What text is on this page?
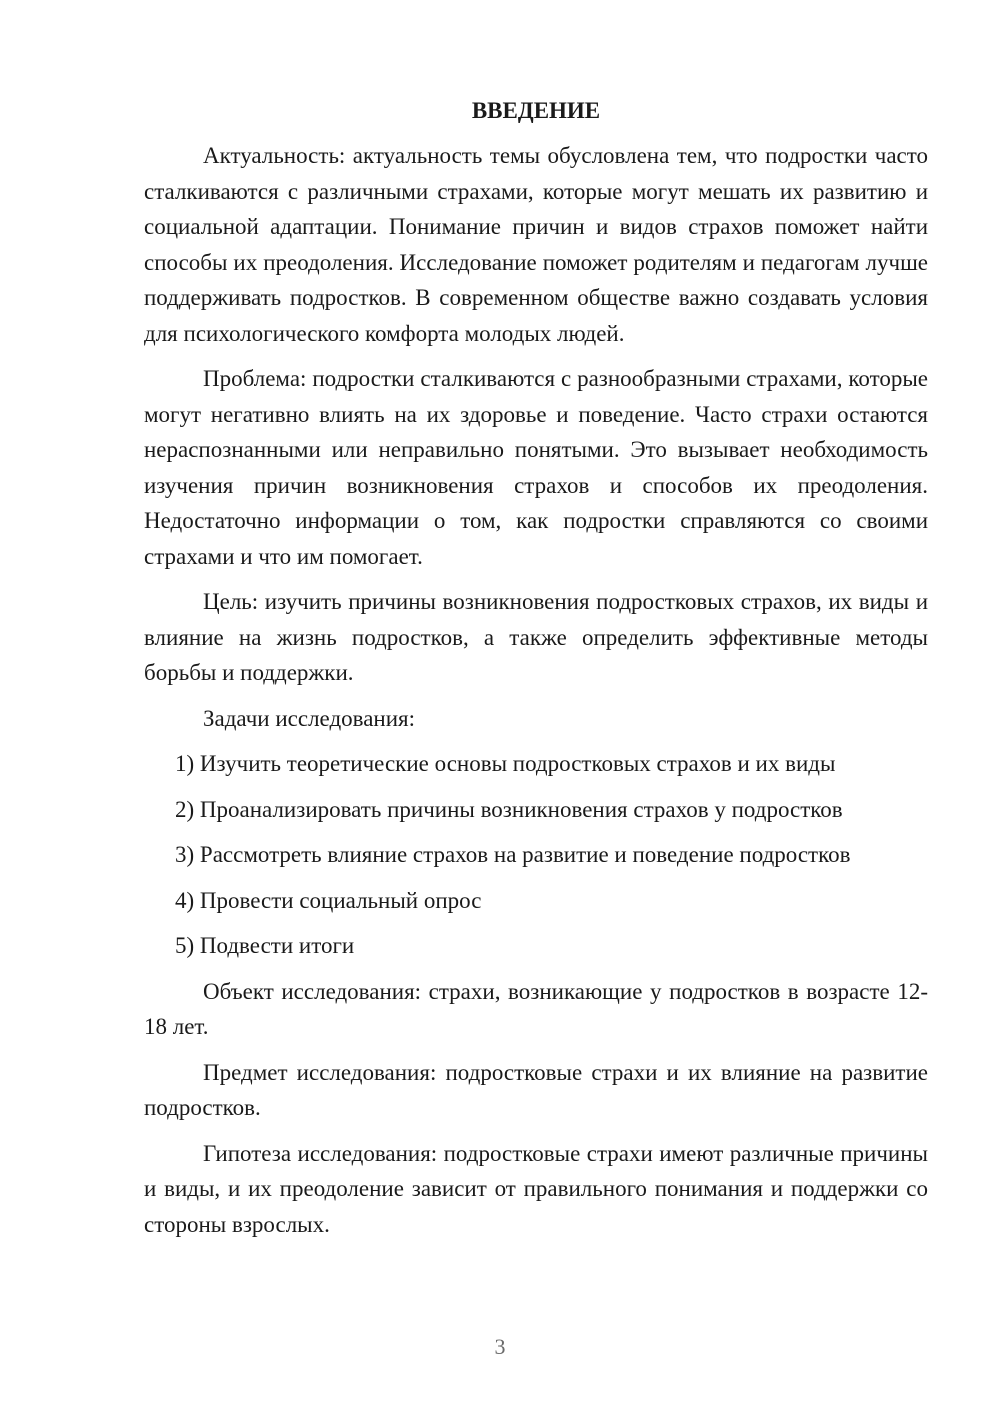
ВВЕДЕНИЕ

Актуальность: актуальность темы обусловлена тем, что подростки часто сталкиваются с различными страхами, которые могут мешать их развитию и социальной адаптации. Понимание причин и видов страхов поможет найти способы их преодоления. Исследование поможет родителям и педагогам лучше поддерживать подростков. В современном обществе важно создавать условия для психологического комфорта молодых людей.

Проблема: подростки сталкиваются с разнообразными страхами, которые могут негативно влиять на их здоровье и поведение. Часто страхи остаются нераспознанными или неправильно понятыми. Это вызывает необходимость изучения причин возникновения страхов и способов их преодоления. Недостаточно информации о том, как подростки справляются со своими страхами и что им помогает.

Цель: изучить причины возникновения подростковых страхов, их виды и влияние на жизнь подростков, а также определить эффективные методы борьбы и поддержки.

Задачи исследования:

1) Изучить теоретические основы подростковых страхов и их виды

2) Проанализировать причины возникновения страхов у подростков

3) Рассмотреть влияние страхов на развитие и поведение подростков

4) Провести социальный опрос

5) Подвести итоги

Объект исследования: страхи, возникающие у подростков в возрасте 12-18 лет.

Предмет исследования: подростковые страхи и их влияние на развитие подростков.

Гипотеза исследования: подростковые страхи имеют различные причины и виды, и их преодоление зависит от правильного понимания и поддержки со стороны взрослых.

3
